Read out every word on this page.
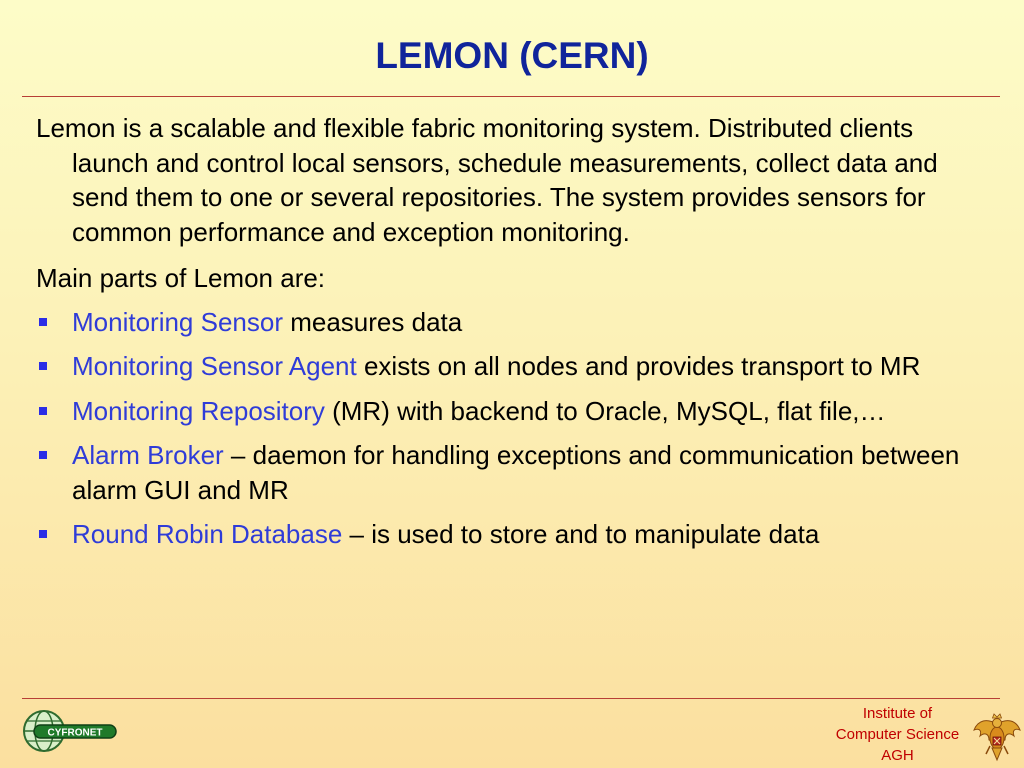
LEMON (CERN)

Lemon is a scalable and flexible fabric monitoring system. Distributed clients launch and control local sensors, schedule measurements, collect data and send them to one or several repositories. The system provides sensors for common performance and exception monitoring.

Main parts of Lemon are:

Monitoring Sensor measures data
Monitoring Sensor Agent exists on all nodes and provides transport to MR
Monitoring Repository (MR) with backend to Oracle, MySQL, flat file,…
Alarm Broker – daemon for handling exceptions and communication between alarm GUI and MR
Round Robin Database – is used to store and to manipulate data
CYFRONET
Institute of
Computer Science
AGH
